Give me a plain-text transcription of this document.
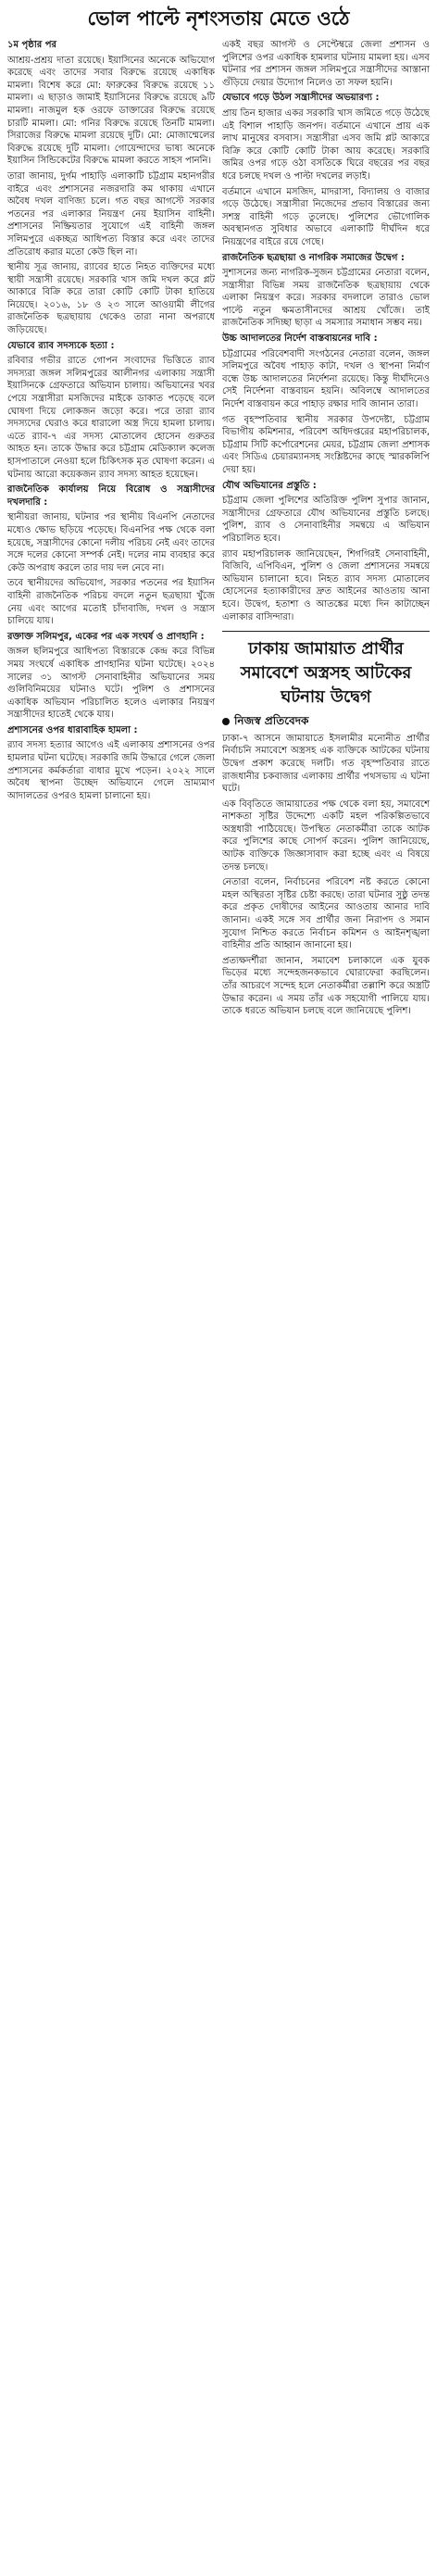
ভোল পাল্টে নৃশংসতায় মেতে ওঠে
১ম পৃষ্ঠার পর

আশ্রয়-প্রশ্রয় দাতা রয়েছে। ইয়াসিনের অনেকে অভিযোগ করেছে এবং তাদের সবার বিরুদ্ধে রয়েছে একাধিক মামলা। বিশেষ করে মো: ফারুকের বিরুদ্ধে রয়েছে ১১ মামলা। এ ছাড়াও জামাই ইয়াসিনের বিরুদ্ধে রয়েছে ৯টি মামলা। নাজমুল হক ওরফে ডাক্তারের বিরুদ্ধে রয়েছে চারটি মামলা। মো: গনির বিরুদ্ধে রয়েছে তিনটি মামলা। সিরাজের বিরুদ্ধে মামলা রয়েছে দুটি। মো: মোজাম্মেলের বিরুদ্ধে রয়েছে দুটি মামলা। গোয়েন্দাদের ভাষ্য অনেকে ইয়াসিন সিন্ডিকেটের বিরুদ্ধে মামলা করতে সাহস পাননি।

তারা জানায়, দুর্গম পাহাড়ি এলাকাটি চট্টগ্রাম মহানগরীর বাইরে এবং প্রশাসনের নজরদারি কম থাকায় এখানে অবৈধ দখল বাণিজ্য চলে। গত বছর আগস্টে সরকার পতনের পর এলাকার নিয়ন্ত্রণ নেয় ইয়াসিন বাহিনী। প্রশাসনের নিষ্ক্রিয়তার সুযোগে এই বাহিনী জঙ্গল সলিমপুরে একচ্ছত্র আধিপত্য বিস্তার করে এবং তাদের প্রতিরোধ করার মতো কেউ ছিল না।

স্থানীয় সূত্র জানায়, র‌্যাবের হাতে নিহত ব্যক্তিদের মধ্যে স্থায়ী সন্ত্রাসী রয়েছে। সরকারি খাস জমি দখল করে প্লট আকারে বিক্রি করে তারা কোটি কোটি টাকা হাতিয়ে নিয়েছে। ২০১৬, ১৮ ও ২৩ সালে আওয়ামী লীগের রাজনৈতিক ছত্রছায়ায় থেকেও তারা নানা অপরাধে জড়িয়েছে।

যেভাবে র‌্যাব সদস্যকে হত্যা :

রবিবার গভীর রাতে গোপন সংবাদের ভিত্তিতে র‌্যাব সদস্যরা জঙ্গল সলিমপুরের আলীনগর এলাকায় সন্ত্রাসী ইয়াসিনকে গ্রেফতারে অভিযান চালায়। অভিযানের খবর পেয়ে সন্ত্রাসীরা মসজিদের মাইকে ডাকাত পড়েছে বলে ঘোষণা দিয়ে লোকজন জড়ো করে। পরে তারা র‌্যাব সদস্যদের ঘেরাও করে ধারালো অস্ত্র দিয়ে হামলা চালায়। এতে র‌্যাব-৭ এর সদস্য মোতালেব হোসেন গুরুতর আহত হন। তাকে উদ্ধার করে চট্টগ্রাম মেডিক্যাল কলেজ হাসপাতালে নেওয়া হলে চিকিৎসক মৃত ঘোষণা করেন। এ ঘটনায় আরো কয়েকজন র‌্যাব সদস্য আহত হয়েছেন।

রাজনৈতিক কার্যালয় নিয়ে বিরোধ ও সন্ত্রাসীদের দখলদারি :

স্থানীয়রা জানায়, ঘটনার পর স্থানীয় বিএনপি নেতাদের মধ্যেও ক্ষোভ ছড়িয়ে পড়েছে। বিএনপির পক্ষ থেকে বলা হয়েছে, সন্ত্রাসীদের কোনো দলীয় পরিচয় নেই এবং তাদের সঙ্গে দলের কোনো সম্পর্ক নেই। দলের নাম ব্যবহার করে কেউ অপরাধ করলে তার দায় দল নেবে না।

তবে স্থানীয়দের অভিযোগ, সরকার পতনের পর ইয়াসিন বাহিনী রাজনৈতিক পরিচয় বদলে নতুন ছত্রছায়া খুঁজে নেয় এবং আগের মতোই চাঁদাবাজি, দখল ও সন্ত্রাস চালিয়ে যায়।

রক্তাক্ত সলিমপুর, একের পর এক সংঘর্ষ ও প্রাণহানি :

জঙ্গল ছলিমপুরে আধিপত্য বিস্তারকে কেন্দ্র করে বিভিন্ন সময় সংঘর্ষে একাধিক প্রাণহানির ঘটনা ঘটেছে। ২০২৪ সালের ৩১ আগস্ট সেনাবাহিনীর অভিযানের সময় গুলিবিনিময়ের ঘটনাও ঘটে। পুলিশ ও প্রশাসনের একাধিক অভিযান পরিচালিত হলেও এলাকার নিয়ন্ত্রণ সন্ত্রাসীদের হাতেই থেকে যায়।

প্রশাসনের ওপর ধারাবাহিক হামলা :

র‌্যাব সদস্য হত্যার আগেও এই এলাকায় প্রশাসনের ওপর হামলার ঘটনা ঘটেছে। সরকারি জমি উদ্ধারে গেলে জেলা প্রশাসনের কর্মকর্তারা বাধার মুখে পড়েন। ২০২২ সালে অবৈধ স্থাপনা উচ্ছেদ অভিযানে গেলে ভ্রাম্যমাণ আদালতের ওপরও হামলা চালানো হয়।

একই বছর আগস্ট ও সেপ্টেম্বরে জেলা প্রশাসন ও পুলিশের ওপর একাধিক হামলার ঘটনায় মামলা হয়। এসব ঘটনার পর প্রশাসন জঙ্গল সলিমপুরে সন্ত্রাসীদের আস্তানা গুঁড়িয়ে দেয়ার উদ্যোগ নিলেও তা সফল হয়নি।

যেভাবে গড়ে উঠল সন্ত্রাসীদের অভয়ারণ্য :

প্রায় তিন হাজার একর সরকারি খাস জমিতে গড়ে উঠেছে এই বিশাল পাহাড়ি জনপদ। বর্তমানে এখানে প্রায় এক লাখ মানুষের বসবাস। সন্ত্রাসীরা এসব জমি প্লট আকারে বিক্রি করে কোটি কোটি টাকা আয় করেছে। সরকারি জমির ওপর গড়ে ওঠা বসতিকে ঘিরে বছরের পর বছর ধরে চলছে দখল ও পাল্টা দখলের লড়াই।

বর্তমানে এখানে মসজিদ, মাদরাসা, বিদ্যালয় ও বাজার গড়ে উঠেছে। সন্ত্রাসীরা নিজেদের প্রভাব বিস্তারের জন্য সশস্ত্র বাহিনী গড়ে তুলেছে। পুলিশের ভৌগোলিক অবস্থানগত সুবিধার অভাবে এলাকাটি দীর্ঘদিন ধরে নিয়ন্ত্রণের বাইরে রয়ে গেছে।

রাজনৈতিক ছত্রছায়া ও নাগরিক সমাজের উদ্বেগ :

সুশাসনের জন্য নাগরিক-সুজন চট্টগ্রামের নেতারা বলেন, সন্ত্রাসীরা বিভিন্ন সময় রাজনৈতিক ছত্রছায়ায় থেকে এলাকা নিয়ন্ত্রণ করে। সরকার বদলালে তারাও ভোল পাল্টে নতুন ক্ষমতাসীনদের আশ্রয় খোঁজে। তাই রাজনৈতিক সদিচ্ছা ছাড়া এ সমস্যার সমাধান সম্ভব নয়।

উচ্চ আদালতের নির্দেশ বাস্তবায়নের দাবি :

চট্টগ্রামের পরিবেশবাদী সংগঠনের নেতারা বলেন, জঙ্গল সলিমপুরে অবৈধ পাহাড় কাটা, দখল ও স্থাপনা নির্মাণ বন্ধে উচ্চ আদালতের নির্দেশনা রয়েছে। কিন্তু দীর্ঘদিনেও সেই নির্দেশনা বাস্তবায়ন হয়নি। অবিলম্বে আদালতের নির্দেশ বাস্তবায়ন করে পাহাড় রক্ষার দাবি জানান তারা।

গত বৃহস্পতিবার স্থানীয় সরকার উপদেষ্টা, চট্টগ্রাম বিভাগীয় কমিশনার, পরিবেশ অধিদপ্তরের মহাপরিচালক, চট্টগ্রাম সিটি কর্পোরেশনের মেয়র, চট্টগ্রাম জেলা প্রশাসক এবং সিডিএ চেয়ারম্যানসহ সংশ্লিষ্টদের কাছে স্মারকলিপি দেয়া হয়।

যৌথ অভিযানের প্রস্তুতি :

চট্টগ্রাম জেলা পুলিশের অতিরিক্ত পুলিশ সুপার জানান, সন্ত্রাসীদের গ্রেফতারে যৌথ অভিযানের প্রস্তুতি চলছে। পুলিশ, র‌্যাব ও সেনাবাহিনীর সমন্বয়ে এ অভিযান পরিচালিত হবে।

র‌্যাব মহাপরিচালক জানিয়েছেন, শিগগিরই সেনাবাহিনী, বিজিবি, এপিবিএন, পুলিশ ও জেলা প্রশাসনের সমন্বয়ে অভিযান চালানো হবে। নিহত র‌্যাব সদস্য মোতালেব হোসেনের হত্যাকারীদের দ্রুত আইনের আওতায় আনা হবে। উদ্বেগ, হতাশা ও আতঙ্কের মধ্যে দিন কাটাচ্ছেন এলাকার বাসিন্দারা।

ঢাকায় জামায়াত প্রার্থীর সমাবেশে অস্ত্রসহ আটকের ঘটনায় উদ্বেগ
নিজস্ব প্রতিবেদক

ঢাকা-৭ আসনে জামায়াতে ইসলামীর মনোনীত প্রার্থীর নির্বাচনি সমাবেশে অস্ত্রসহ এক ব্যক্তিকে আটকের ঘটনায় উদ্বেগ প্রকাশ করেছে দলটি। গত বৃহস্পতিবার রাতে রাজধানীর চকবাজার এলাকায় প্রার্থীর পথসভায় এ ঘটনা ঘটে।

এক বিবৃতিতে জামায়াতের পক্ষ থেকে বলা হয়, সমাবেশে নাশকতা সৃষ্টির উদ্দেশ্যে একটি মহল পরিকল্পিতভাবে অস্ত্রধারী পাঠিয়েছে। উপস্থিত নেতাকর্মীরা তাকে আটক করে পুলিশের কাছে সোপর্দ করেন। পুলিশ জানিয়েছে, আটক ব্যক্তিকে জিজ্ঞাসাবাদ করা হচ্ছে এবং এ বিষয়ে তদন্ত চলছে।

নেতারা বলেন, নির্বাচনের পরিবেশ নষ্ট করতে কোনো মহল অস্থিরতা সৃষ্টির চেষ্টা করছে। তারা ঘটনার সুষ্ঠু তদন্ত করে প্রকৃত দোষীদের আইনের আওতায় আনার দাবি জানান। একই সঙ্গে সব প্রার্থীর জন্য নিরাপদ ও সমান সুযোগ নিশ্চিত করতে নির্বাচন কমিশন ও আইনশৃঙ্খলা বাহিনীর প্রতি আহ্বান জানানো হয়।

প্রত্যক্ষদর্শীরা জানান, সমাবেশ চলাকালে এক যুবক ভিড়ের মধ্যে সন্দেহজনকভাবে ঘোরাফেরা করছিলেন। তাঁর আচরণে সন্দেহ হলে নেতাকর্মীরা তল্লাশি করে অস্ত্রটি উদ্ধার করেন। এ সময় তাঁর এক সহযোগী পালিয়ে যায়। তাকে ধরতে অভিযান চলছে বলে জানিয়েছে পুলিশ।
